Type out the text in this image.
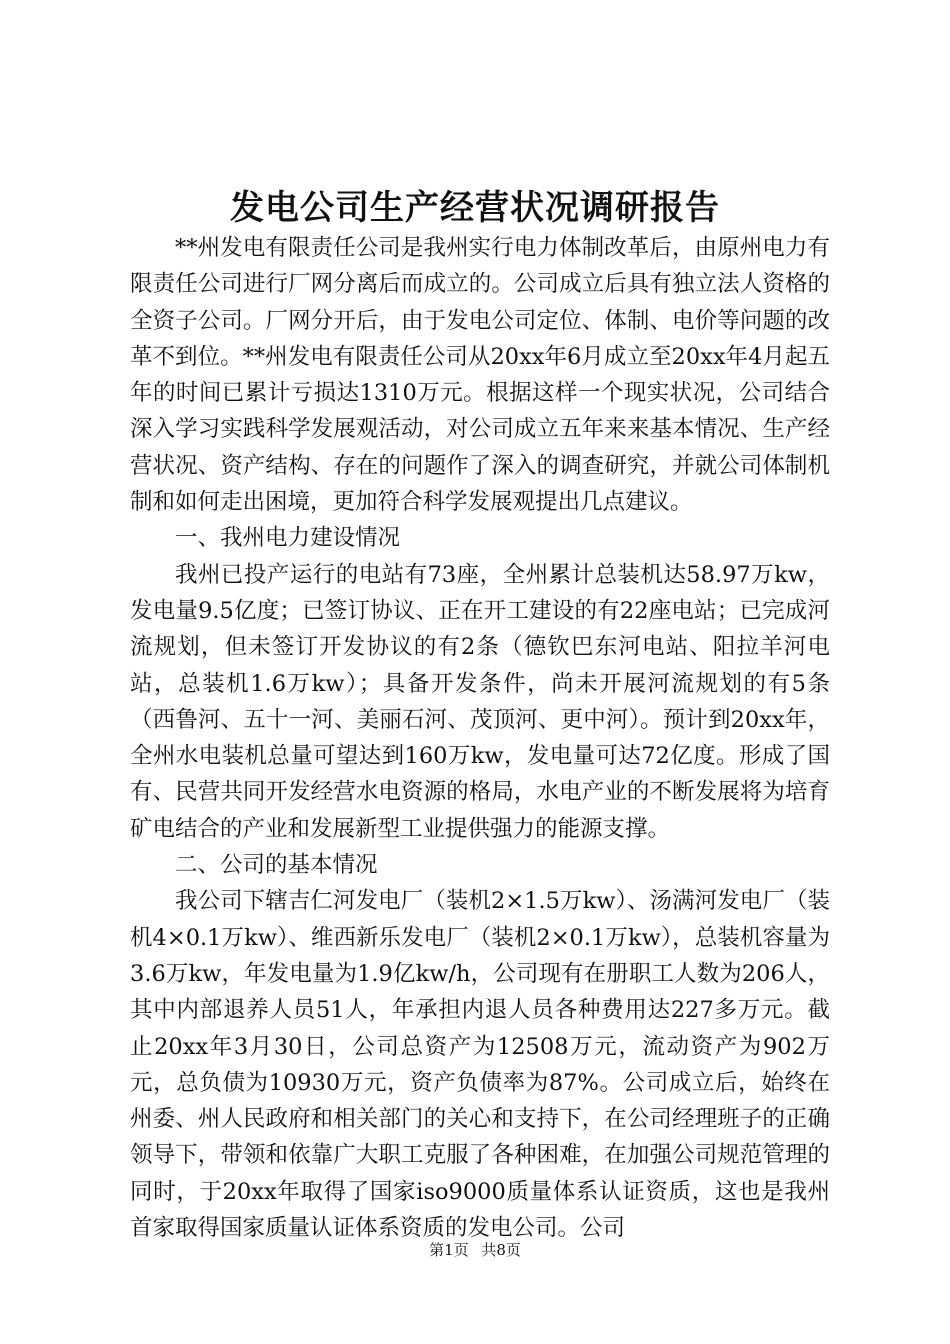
发电公司生产经营状况调研报告

**州发电有限责任公司是我州实行电力体制改革后，由原州电力有限责任公司进行厂网分离后而成立的。公司成立后具有独立法人资格的全资子公司。厂网分开后，由于发电公司定位、体制、电价等问题的改革不到位。**州发电有限责任公司从20xx年6月成立至20xx年4月起五年的时间已累计亏损达1310万元。根据这样一个现实状况，公司结合深入学习实践科学发展观活动，对公司成立五年来来基本情况、生产经营状况、资产结构、存在的问题作了深入的调查研究，并就公司体制机制和如何走出困境，更加符合科学发展观提出几点建议。

一、我州电力建设情况

我州已投产运行的电站有73座，全州累计总装机达58.97万kw，发电量9.5亿度；已签订协议、正在开工建设的有22座电站；已完成河流规划，但未签订开发协议的有2条（德钦巴东河电站、阳拉羊河电站，总装机1.6万kw）；具备开发条件，尚未开展河流规划的有5条（西鲁河、五十一河、美丽石河、茂顶河、更中河）。预计到20xx年，全州水电装机总量可望达到160万kw，发电量可达72亿度。形成了国有、民营共同开发经营水电资源的格局，水电产业的不断发展将为培育矿电结合的产业和发展新型工业提供强力的能源支撑。

二、公司的基本情况

我公司下辖吉仁河发电厂（装机2×1.5万kw）、汤满河发电厂（装机4×0.1万kw）、维西新乐发电厂（装机2×0.1万kw），总装机容量为3.6万kw，年发电量为1.9亿kw/h，公司现有在册职工人数为206人，其中内部退养人员51人，年承担内退人员各种费用达227多万元。截止20xx年3月30日，公司总资产为12508万元，流动资产为902万元，总负债为10930万元，资产负债率为87%。公司成立后，始终在州委、州人民政府和相关部门的关心和支持下，在公司经理班子的正确领导下，带领和依靠广大职工克服了各种困难，在加强公司规范管理的同时，于20xx年取得了国家iso9000质量体系认证资质，这也是我州首家取得国家质量认证体系资质的发电公司。公司

第1页 共8页
